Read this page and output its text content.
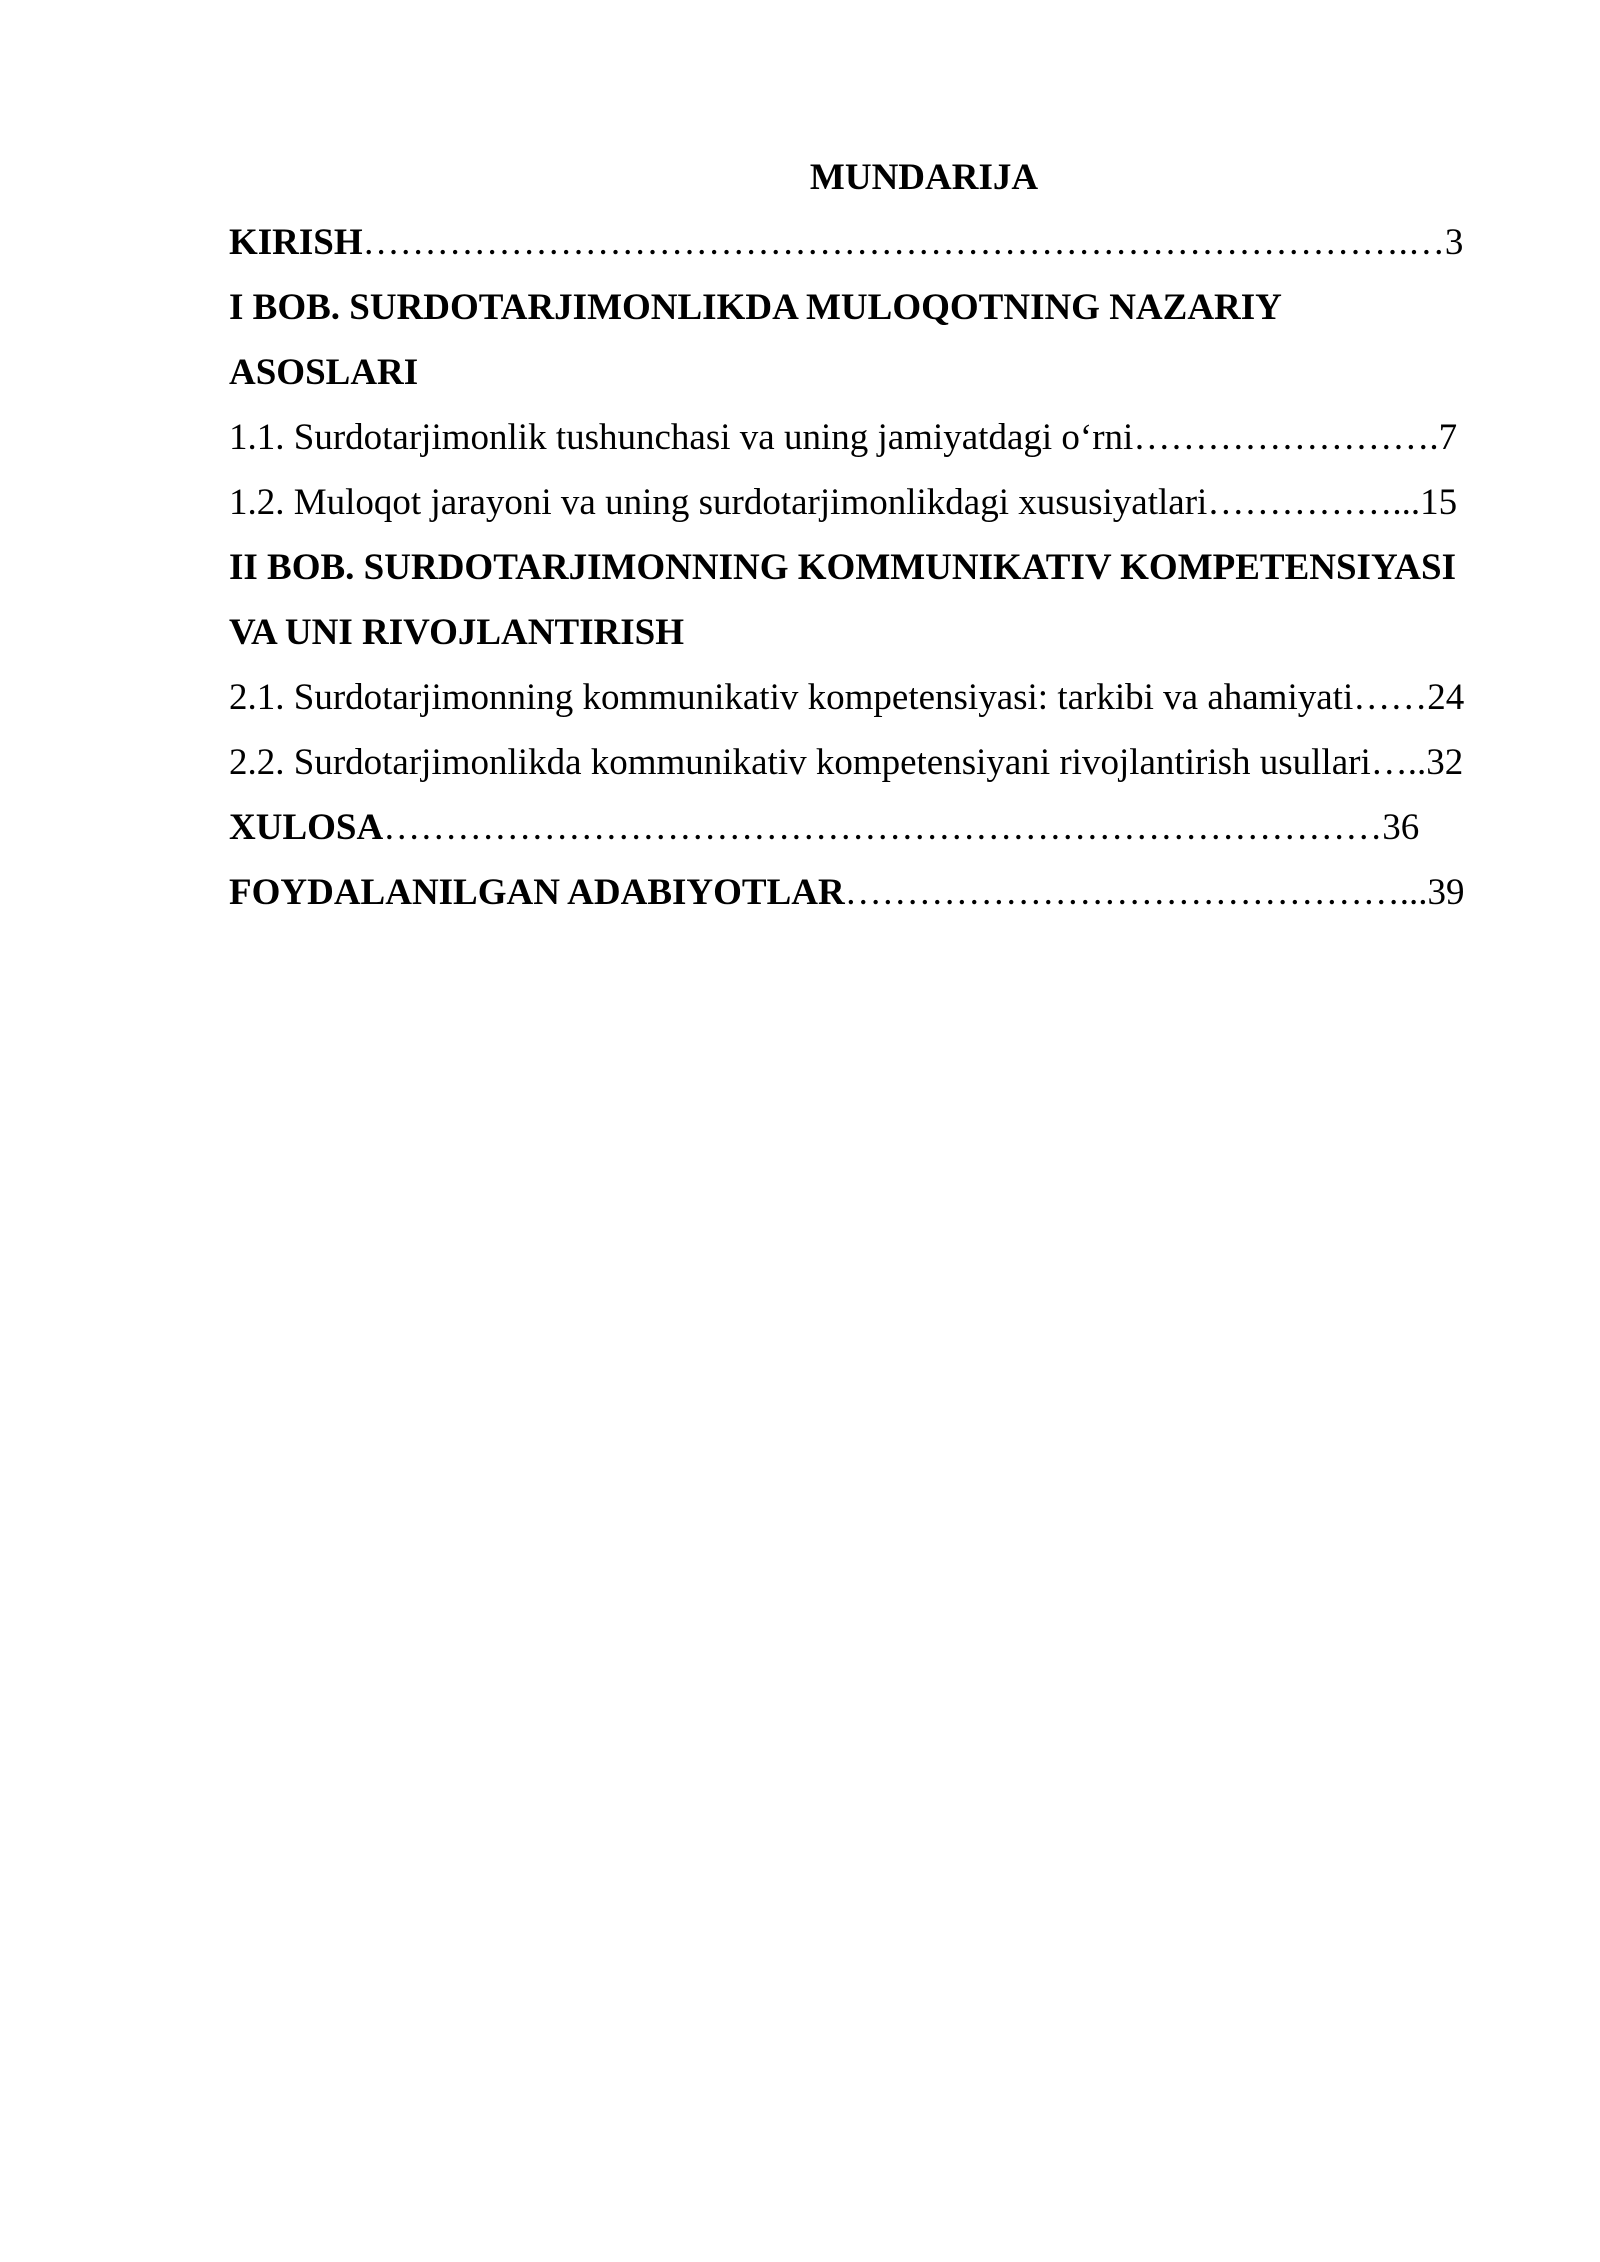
MUNDARIJA
KIRISH………………………………………………………………………….…3
I BOB. SURDOTARJIMONLIKDA MULOQOTNING NAZARIY
ASOSLARI
1.1. Surdotarjimonlik tushunchasi va uning jamiyatdagi o‘rni…………………….7
1.2. Muloqot jarayoni va uning surdotarjimonlikdagi xususiyatlari……………...15
II BOB. SURDOTARJIMONNING KOMMUNIKATIV KOMPETENSIYASI
VA UNI RIVOJLANTIRISH
2.1. Surdotarjimonning kommunikativ kompetensiyasi: tarkibi va ahamiyati……24
2.2. Surdotarjimonlikda kommunikativ kompetensiyani rivojlantirish usullari…..32
XULOSA………………………………………………………………………36
FOYDALANILGAN ADABIYOTLAR………………………………………...39
